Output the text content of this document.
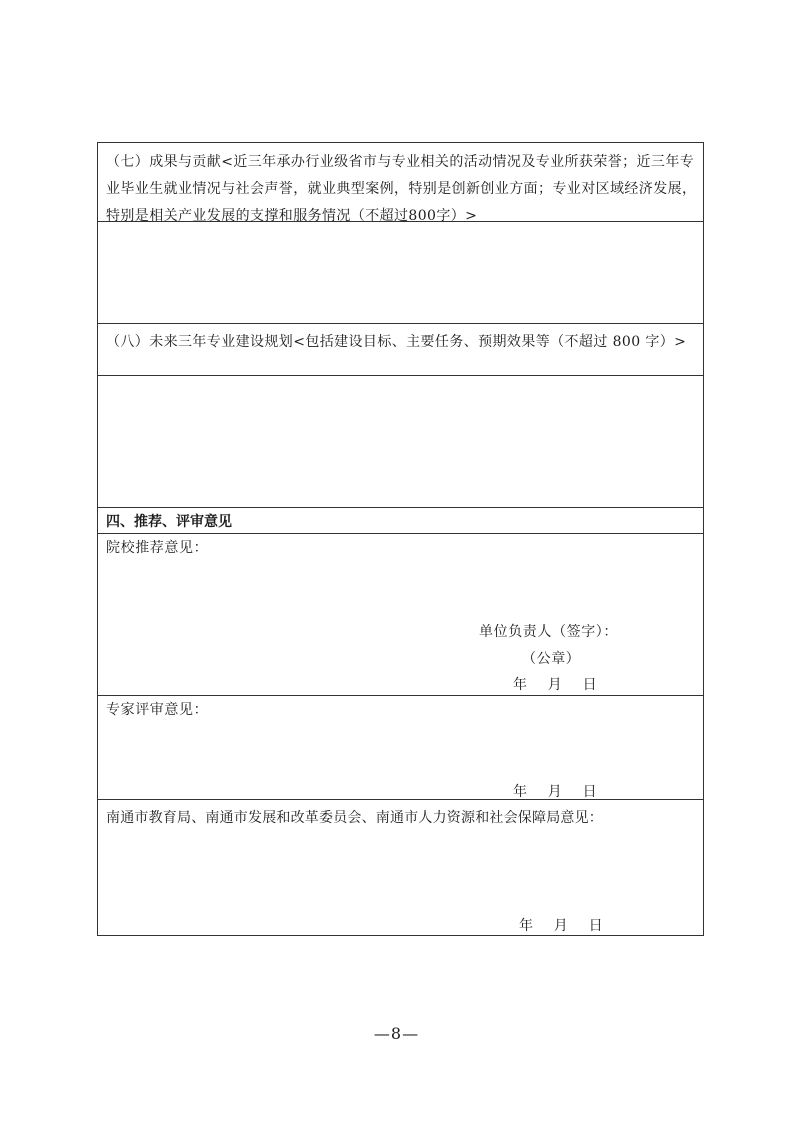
（七）成果与贡献<近三年承办行业级省市与专业相关的活动情况及专业所获荣誉；近三年专业毕业生就业情况与社会声誉，就业典型案例，特别是创新创业方面；专业对区域经济发展，特别是相关产业发展的支撑和服务情况（不超过800字）>
（八）未来三年专业建设规划<包括建设目标、主要任务、预期效果等（不超过 800 字）>
四、推荐、评审意见
院校推荐意见：
单位负责人（签字）：
（公章）
年    月    日
专家评审意见：
年    月    日
南通市教育局、南通市发展和改革委员会、南通市人力资源和社会保障局意见：
年    月    日
—8—
